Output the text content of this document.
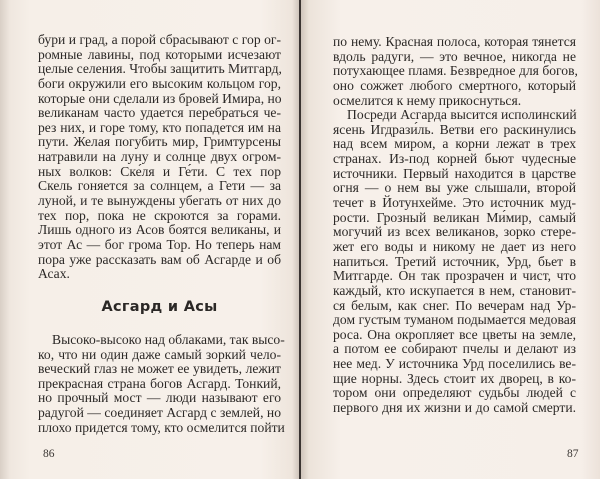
бури и град, а порой сбрасывают с гор ог-
ромные лавины, под которыми исчезают
целые селения. Чтобы защитить Митгард,
боги окружили его высоким кольцом гор,
которые они сделали из бровей Имира, но
великанам часто удается перебраться че-
рез них, и горе тому, кто попадется им на
пути. Желая погубить мир, Гримтурсены
натравили на луну и солнце двух огром-
ных волков: Ске́ля и Ге́ти. С тех пор
Скель гоняется за солнцем, а Гети — за
луной, и те вынуждены убегать от них до
тех пор, пока не скроются за горами.
Лишь одного из Асов боятся великаны, и
этот Ас — бог грома Тор. Но теперь нам
пора уже рассказать вам об Асгарде и об
Асах.
Асгард и Асы
Высоко-высоко над облаками, так высо-
ко, что ни один даже самый зоркий чело-
веческий глаз не может ее увидеть, лежит
прекрасная страна богов Асгард. Тонкий,
но прочный мост — люди называют его
радугой — соединяет Асгард с землей, но
плохо придется тому, кто осмелится пойти
86
по нему. Красная полоса, которая тянется
вдоль радуги, — это вечное, никогда не
потухающее пламя. Безвредное для богов,
оно сожжет любого смертного, который
осмелится к нему прикоснуться.
Посреди Асгарда высится исполинский
ясень Игдрази́ль. Ветви его раскинулись
над всем миром, а корни лежат в трех
странах. Из-под корней бьют чудесные
источники. Первый находится в царстве
огня — о нем вы уже слышали, второй
течет в Йотунхейме. Это источник муд-
рости. Грозный великан Ми́мир, самый
могучий из всех великанов, зорко стере-
жет его воды и никому не дает из него
напиться. Третий источник, Урд, бьет в
Митгарде. Он так прозрачен и чист, что
каждый, кто искупается в нем, становит-
ся белым, как снег. По вечерам над Ур-
дом густым туманом подымается медовая
роса. Она окропляет все цветы на земле,
а потом ее собирают пчелы и делают из
нее мед. У источника Урд поселились ве-
щие норны. Здесь стоит их дворец, в ко-
тором они определяют судьбы людей с
первого дня их жизни и до самой смерти.
87
